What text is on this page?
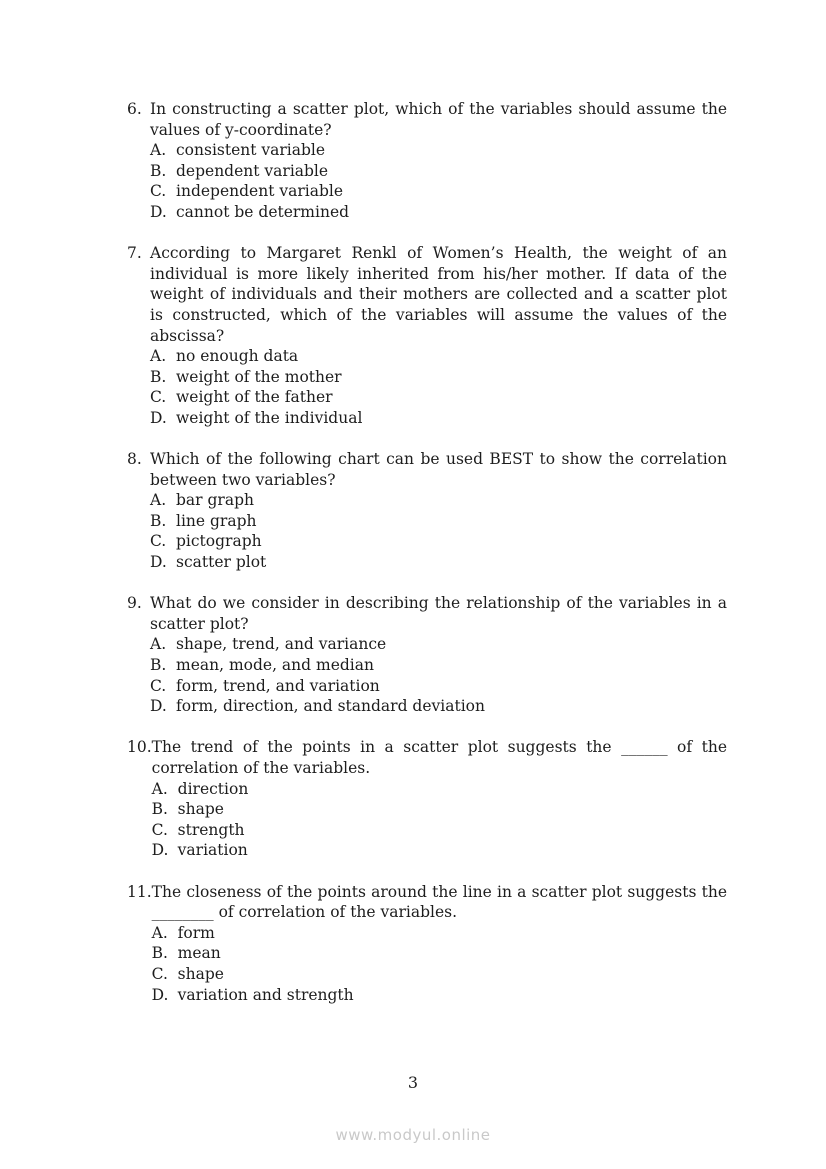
6. In constructing a scatter plot, which of the variables should assume the values of y-coordinate?

A. consistent variable
B. dependent variable
C. independent variable
D. cannot be determined
7. According to Margaret Renkl of Women’s Health, the weight of an individual is more likely inherited from his/her mother. If data of the weight of individuals and their mothers are collected and a scatter plot is constructed, which of the variables will assume the values of the abscissa?

A. no enough data
B. weight of the mother
C. weight of the father
D. weight of the individual
8. Which of the following chart can be used BEST to show the correlation between two variables?

A. bar graph
B. line graph
C. pictograph
D. scatter plot
9. What do we consider in describing the relationship of the variables in a scatter plot?

A. shape, trend, and variance
B. mean, mode, and median
C. form, trend, and variation
D. form, direction, and standard deviation
10. The trend of the points in a scatter plot suggests the ______ of the correlation of the variables.

A. direction
B. shape
C. strength
D. variation
11. The closeness of the points around the line in a scatter plot suggests the ________ of correlation of the variables.

A. form
B. mean
C. shape
D. variation and strength
3
www.modyul.online
